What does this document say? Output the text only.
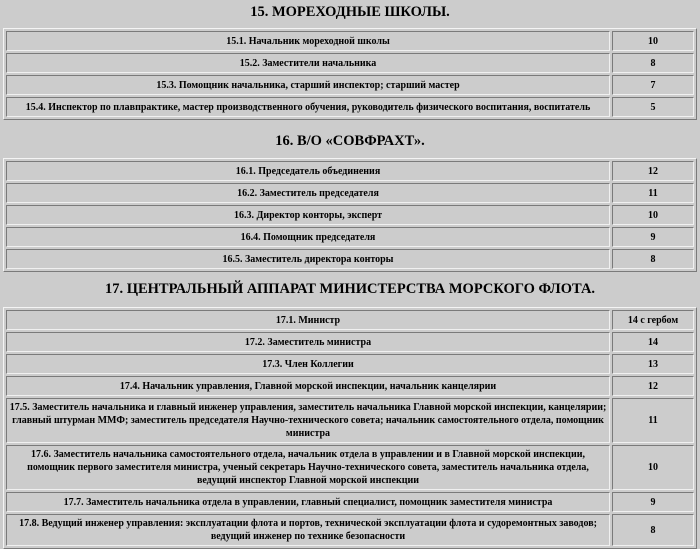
15. МОРЕХОДНЫЕ ШКОЛЫ.
15.1. Начальник мореходной школы	10
15.2. Заместители начальника	8
15.3. Помощник начальника, старший инспектор; старший мастер	7
15.4. Инспектор по плавпрактике, мастер производственного обучения, руководитель физического воспитания, воспитатель	5
16. В/О «СОВФРАХТ».
16.1. Председатель объединения	12
16.2. Заместитель председателя	11
16.3. Директор конторы, эксперт	10
16.4. Помощник председателя	9
16.5. Заместитель директора конторы	8
17. ЦЕНТРАЛЬНЫЙ АППАРАТ МИНИСТЕРСТВА МОРСКОГО ФЛОТА.
17.1. Министр	14 с гербом
17.2. Заместитель министра	14
17.3. Член Коллегии	13
17.4. Начальник управления, Главной морской инспекции, начальник канцелярии	12
17.5. Заместитель начальника и главный инженер управления, заместитель начальника Главной морской инспекции, канцелярии; главный штурман ММФ; заместитель председателя Научно-технического совета; начальник самостоятельного отдела, помощник министра	11
17.6. Заместитель начальника самостоятельного отдела, начальник отдела в управлении и в Главной морской инспекции, помощник первого заместителя министра, ученый секретарь Научно-технического совета, заместитель начальника отдела, ведущий инспектор Главной морской инспекции	10
17.7. Заместитель начальника отдела в управлении, главный специалист, помощник заместителя министра	9
17.8. Ведущий инженер управления: эксплуатации флота и портов, технической эксплуатации флота и судоремонтных заводов; ведущий инженер по технике безопасности	8
